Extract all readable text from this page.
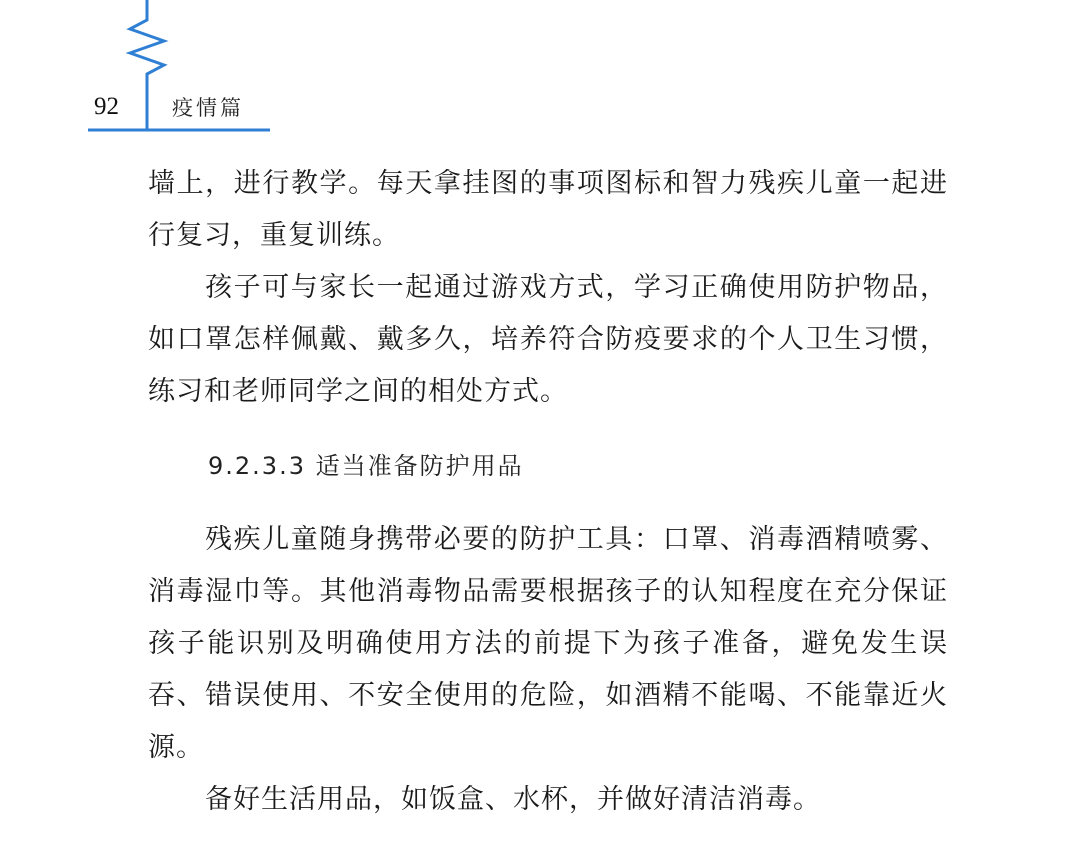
92	疫情篇

墙上，进行教学。每天拿挂图的事项图标和智力残疾儿童一起进行复习，重复训练。

孩子可与家长一起通过游戏方式，学习正确使用防护物品，如口罩怎样佩戴、戴多久，培养符合防疫要求的个人卫生习惯，练习和老师同学之间的相处方式。

9.2.3.3 适当准备防护用品

残疾儿童随身携带必要的防护工具：口罩、消毒酒精喷雾、消毒湿巾等。其他消毒物品需要根据孩子的认知程度在充分保证孩子能识别及明确使用方法的前提下为孩子准备，避免发生误吞、错误使用、不安全使用的危险，如酒精不能喝、不能靠近火源。

备好生活用品，如饭盒、水杯，并做好清洁消毒。
